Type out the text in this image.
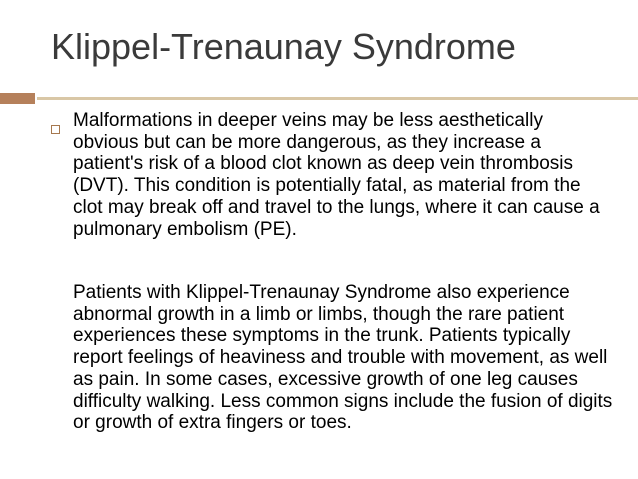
Klippel-Trenaunay Syndrome
Malformations in deeper veins may be less aesthetically obvious but can be more dangerous, as they increase a patient's risk of a blood clot known as deep vein thrombosis (DVT). This condition is potentially fatal, as material from the clot may break off and travel to the lungs, where it can cause a pulmonary embolism (PE).
Patients with Klippel-Trenaunay Syndrome also experience abnormal growth in a limb or limbs, though the rare patient experiences these symptoms in the trunk. Patients typically report feelings of heaviness and trouble with movement, as well as pain. In some cases, excessive growth of one leg causes difficulty walking. Less common signs include the fusion of digits or growth of extra fingers or toes.
